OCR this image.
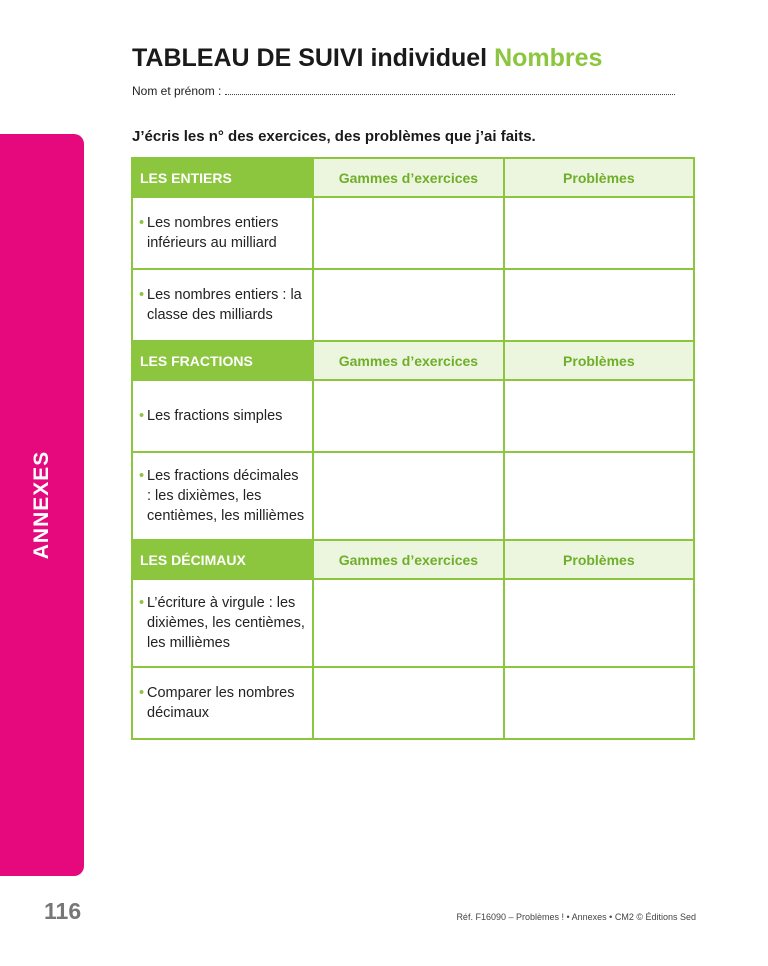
ANNEXES
TABLEAU DE SUIVI individuel Nombres
Nom et prénom :
J’écris les n° des exercices, des problèmes que j’ai faits.
LES ENTIERS	Gammes d’exercices	Problèmes

• Les nombres entiers inférieurs au milliard

• Les nombres entiers : la classe des milliards

LES FRACTIONS	Gammes d’exercices	Problèmes

• Les fractions simples

• Les fractions décimales : les dixièmes, les centièmes, les millièmes

LES DÉCIMAUX	Gammes d’exercices	Problèmes

• L’écriture à virgule : les dixièmes, les centièmes, les millièmes

• Comparer les nombres décimaux

116	Réf. F16090 – Problèmes ! • Annexes • CM2 © Éditions Sed
